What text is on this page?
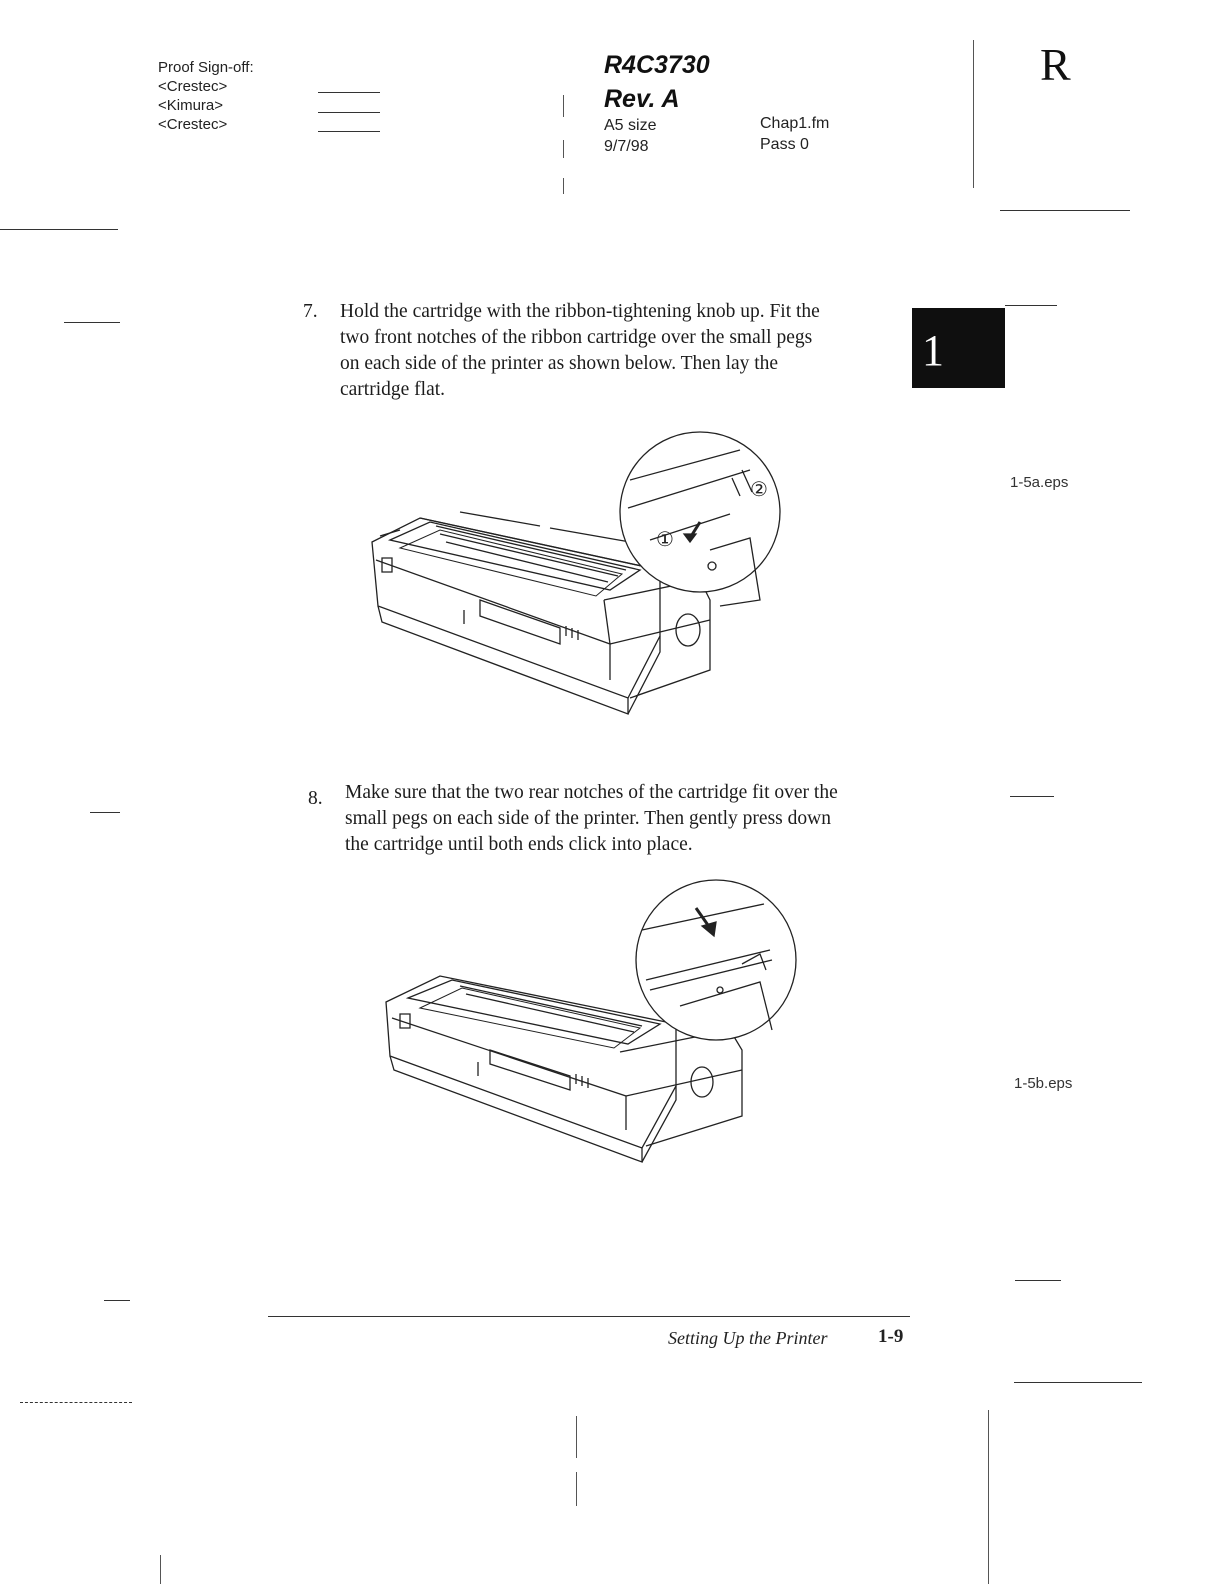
Proof Sign-off:
<Crestec>
<Kimura>
<Crestec>
R4C3730
Rev. A
A5 size
9/7/98
Chap1.fm
Pass 0
R
1
7. Hold the cartridge with the ribbon-tightening knob up. Fit the
two front notches of the ribbon cartridge over the small pegs
on each side of the printer as shown below. Then lay the
cartridge flat.
1-5a.eps
①
②
8. Make sure that the two rear notches of the cartridge fit over the
small pegs on each side of the printer. Then gently press down
the cartridge until both ends click into place.
1-5b.eps
Setting Up the Printer	1-9
